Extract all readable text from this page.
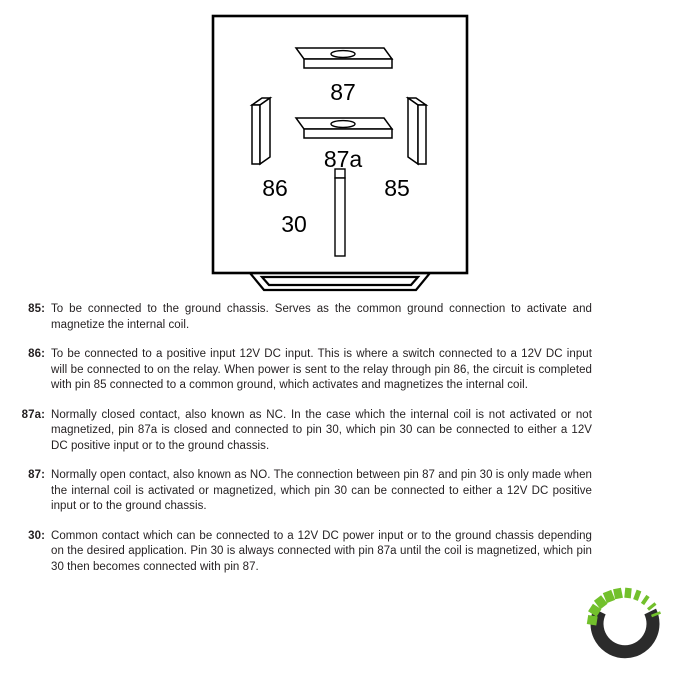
87
87a
86	85
30
85: To be connected to the ground chassis. Serves as the common ground connection to activate and magnetize the internal coil.
86: To be connected to a positive input 12V DC input. This is where a switch connected to a 12V DC input will be connected to on the relay. When power is sent to the relay through pin 86, the circuit is completed with pin 85 connected to a common ground, which activates and magnetizes the internal coil.
87a: Normally closed contact, also known as NC. In the case which the internal coil is not activated or not magnetized, pin 87a is closed and connected to pin 30, which pin 30 can be connected to either a 12V DC positive input or to the ground chassis.
87: Normally open contact, also known as NO. The connection between pin 87 and pin 30 is only made when the internal coil is activated or magnetized, which pin 30 can be connected to either a 12V DC positive input or to the ground chassis.
30: Common contact which can be connected to a 12V DC power input or to the ground chassis depending on the desired application. Pin 30 is always connected with pin 87a until the coil is magnetized, which pin 30 then becomes connected with pin 87.
